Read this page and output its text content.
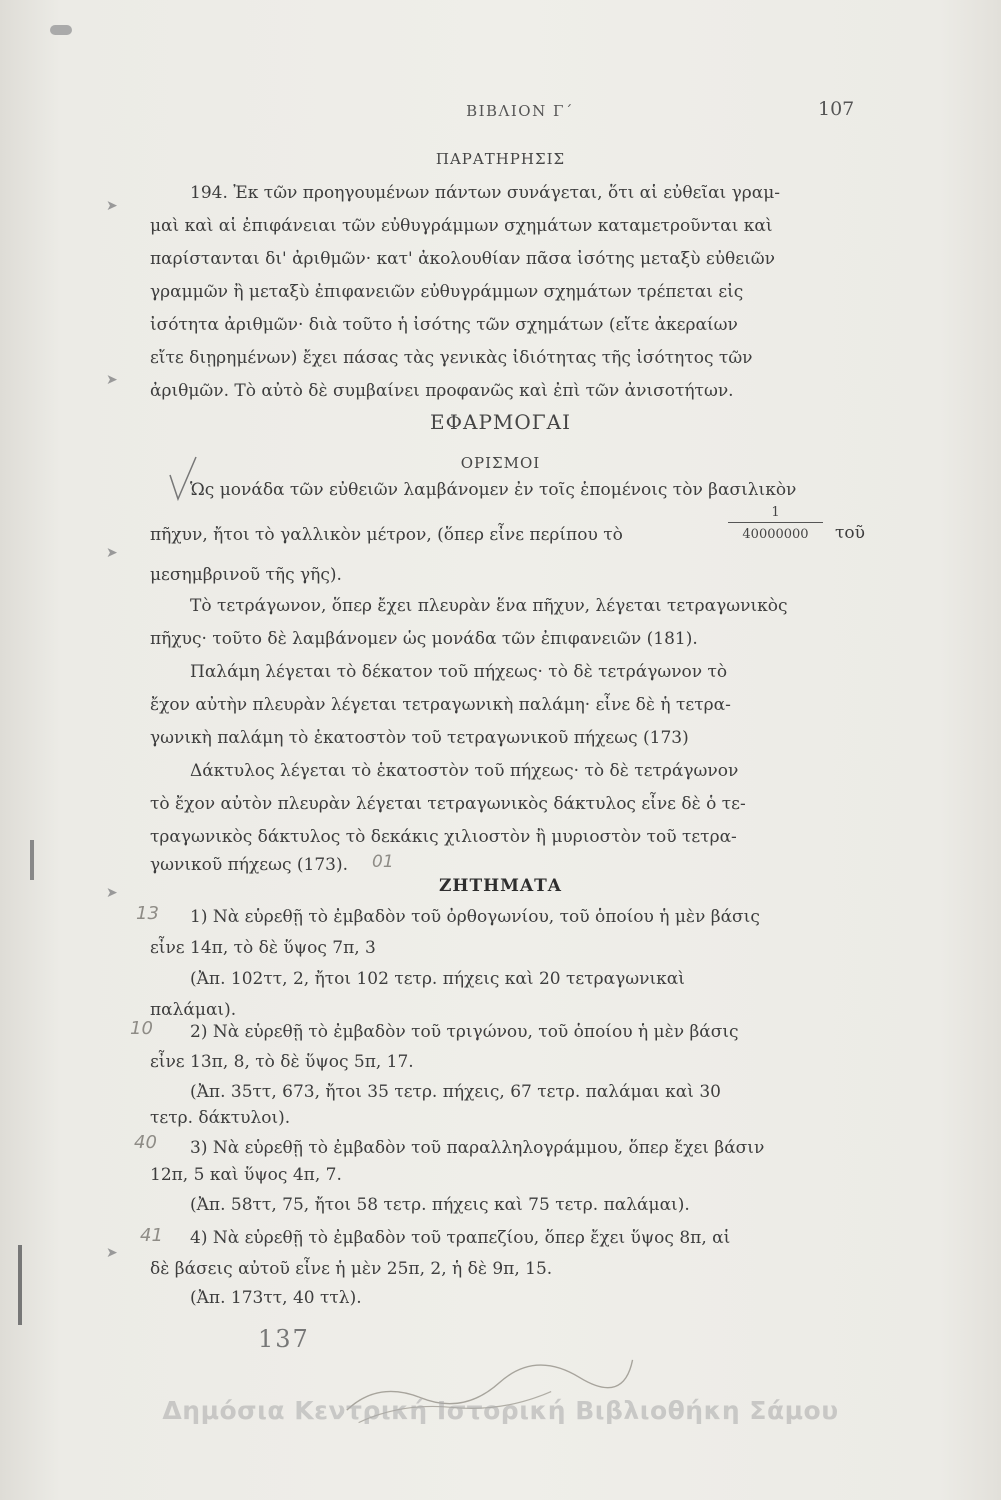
ΒΙΒΛΙΟΝ Γ΄	107
ΠΑΡΑΤΗΡΗΣΙΣ
194. Ἐκ τῶν προηγουμένων πάντων συνάγεται, ὅτι αἱ εὐθεῖαι γραμ-
μαὶ καὶ αἱ ἐπιφάνειαι τῶν εὐθυγράμμων σχημάτων καταμετροῦνται καὶ
παρίστανται δι' ἀριθμῶν· κατ' ἀκολουθίαν πᾶσα ἰσότης μεταξὺ εὐθειῶν
γραμμῶν ἢ μεταξὺ ἐπιφανειῶν εὐθυγράμμων σχημάτων τρέπεται εἰς
ἰσότητα ἀριθμῶν· διὰ τοῦτο ἡ ἰσότης τῶν σχημάτων (εἴτε ἀκεραίων
εἴτε διῃρημένων) ἔχει πάσας τὰς γενικὰς ἰδιότητας τῆς ἰσότητος τῶν
ἀριθμῶν. Τὸ αὐτὸ δὲ συμβαίνει προφανῶς καὶ ἐπὶ τῶν ἀνισοτήτων.
ΕΦΑΡΜΟΓΑΙ
ΟΡΙΣΜΟΙ
Ὡς μονάδα τῶν εὐθειῶν λαμβάνομεν ἐν τοῖς ἑπομένοις τὸν βασιλικὸν
πῆχυν, ἤτοι τὸ γαλλικὸν μέτρον, (ὅπερ εἶνε περίπου τὸ	$\frac{1}{40000000}$ τοῦ
μεσημβρινοῦ τῆς γῆς).
Τὸ τετράγωνον, ὅπερ ἔχει πλευρὰν ἕνα πῆχυν, λέγεται τετραγωνικὸς
πῆχυς· τοῦτο δὲ λαμβάνομεν ὡς μονάδα τῶν ἐπιφανειῶν (181).
Παλάμη λέγεται τὸ δέκατον τοῦ πήχεως· τὸ δὲ τετράγωνον τὸ
ἔχον αὐτὴν πλευρὰν λέγεται τετραγωνικὴ παλάμη· εἶνε δὲ ἡ τετρα-
γωνικὴ παλάμη τὸ ἑκατοστὸν τοῦ τετραγωνικοῦ πήχεως (173)
Δάκτυλος λέγεται τὸ ἑκατοστὸν τοῦ πήχεως· τὸ δὲ τετράγωνον
τὸ ἔχον αὐτὸν πλευρὰν λέγεται τετραγωνικὸς δάκτυλος εἶνε δὲ ὁ τε-
τραγωνικὸς δάκτυλος τὸ δεκάκις χιλιοστὸν ἢ μυριοστὸν τοῦ τετρα-
γωνικοῦ πήχεως (173).
ΖΗΤΗΜΑΤΑ
13
10
40
41
01
1) Νὰ εὑρεθῇ τὸ ἐμβαδὸν τοῦ ὀρθογωνίου, τοῦ ὁποίου ἡ μὲν βάσις
εἶνε 14π, τὸ δὲ ὕψος 7π, 3
(Ἀπ. 102ττ, 2, ἤτοι 102 τετρ. πήχεις καὶ 20 τετραγωνικαὶ
παλάμαι).
2) Νὰ εὑρεθῇ τὸ ἐμβαδὸν τοῦ τριγώνου, τοῦ ὁποίου ἡ μὲν βάσις
εἶνε 13π, 8, τὸ δὲ ὕψος 5π, 17.
(Ἀπ. 35ττ, 673, ἤτοι 35 τετρ. πήχεις, 67 τετρ. παλάμαι καὶ 30
τετρ. δάκτυλοι).
3) Νὰ εὑρεθῇ τὸ ἐμβαδὸν τοῦ παραλληλογράμμου, ὅπερ ἔχει βάσιν
12π, 5 καὶ ὕψος 4π, 7.
(Ἀπ. 58ττ, 75, ἤτοι 58 τετρ. πήχεις καὶ 75 τετρ. παλάμαι).
4) Νὰ εὑρεθῇ τὸ ἐμβαδὸν τοῦ τραπεζίου, ὅπερ ἔχει ὕψος 8π, αἱ
δὲ βάσεις αὐτοῦ εἶνε ἡ μὲν 25π, 2, ἡ δὲ 9π, 15.
(Ἀπ. 173ττ, 40 ττλ).
➤
➤
➤
➤
➤
137
Δημόσια Κεντρική Ιστορική Βιβλιοθήκη Σάμου
